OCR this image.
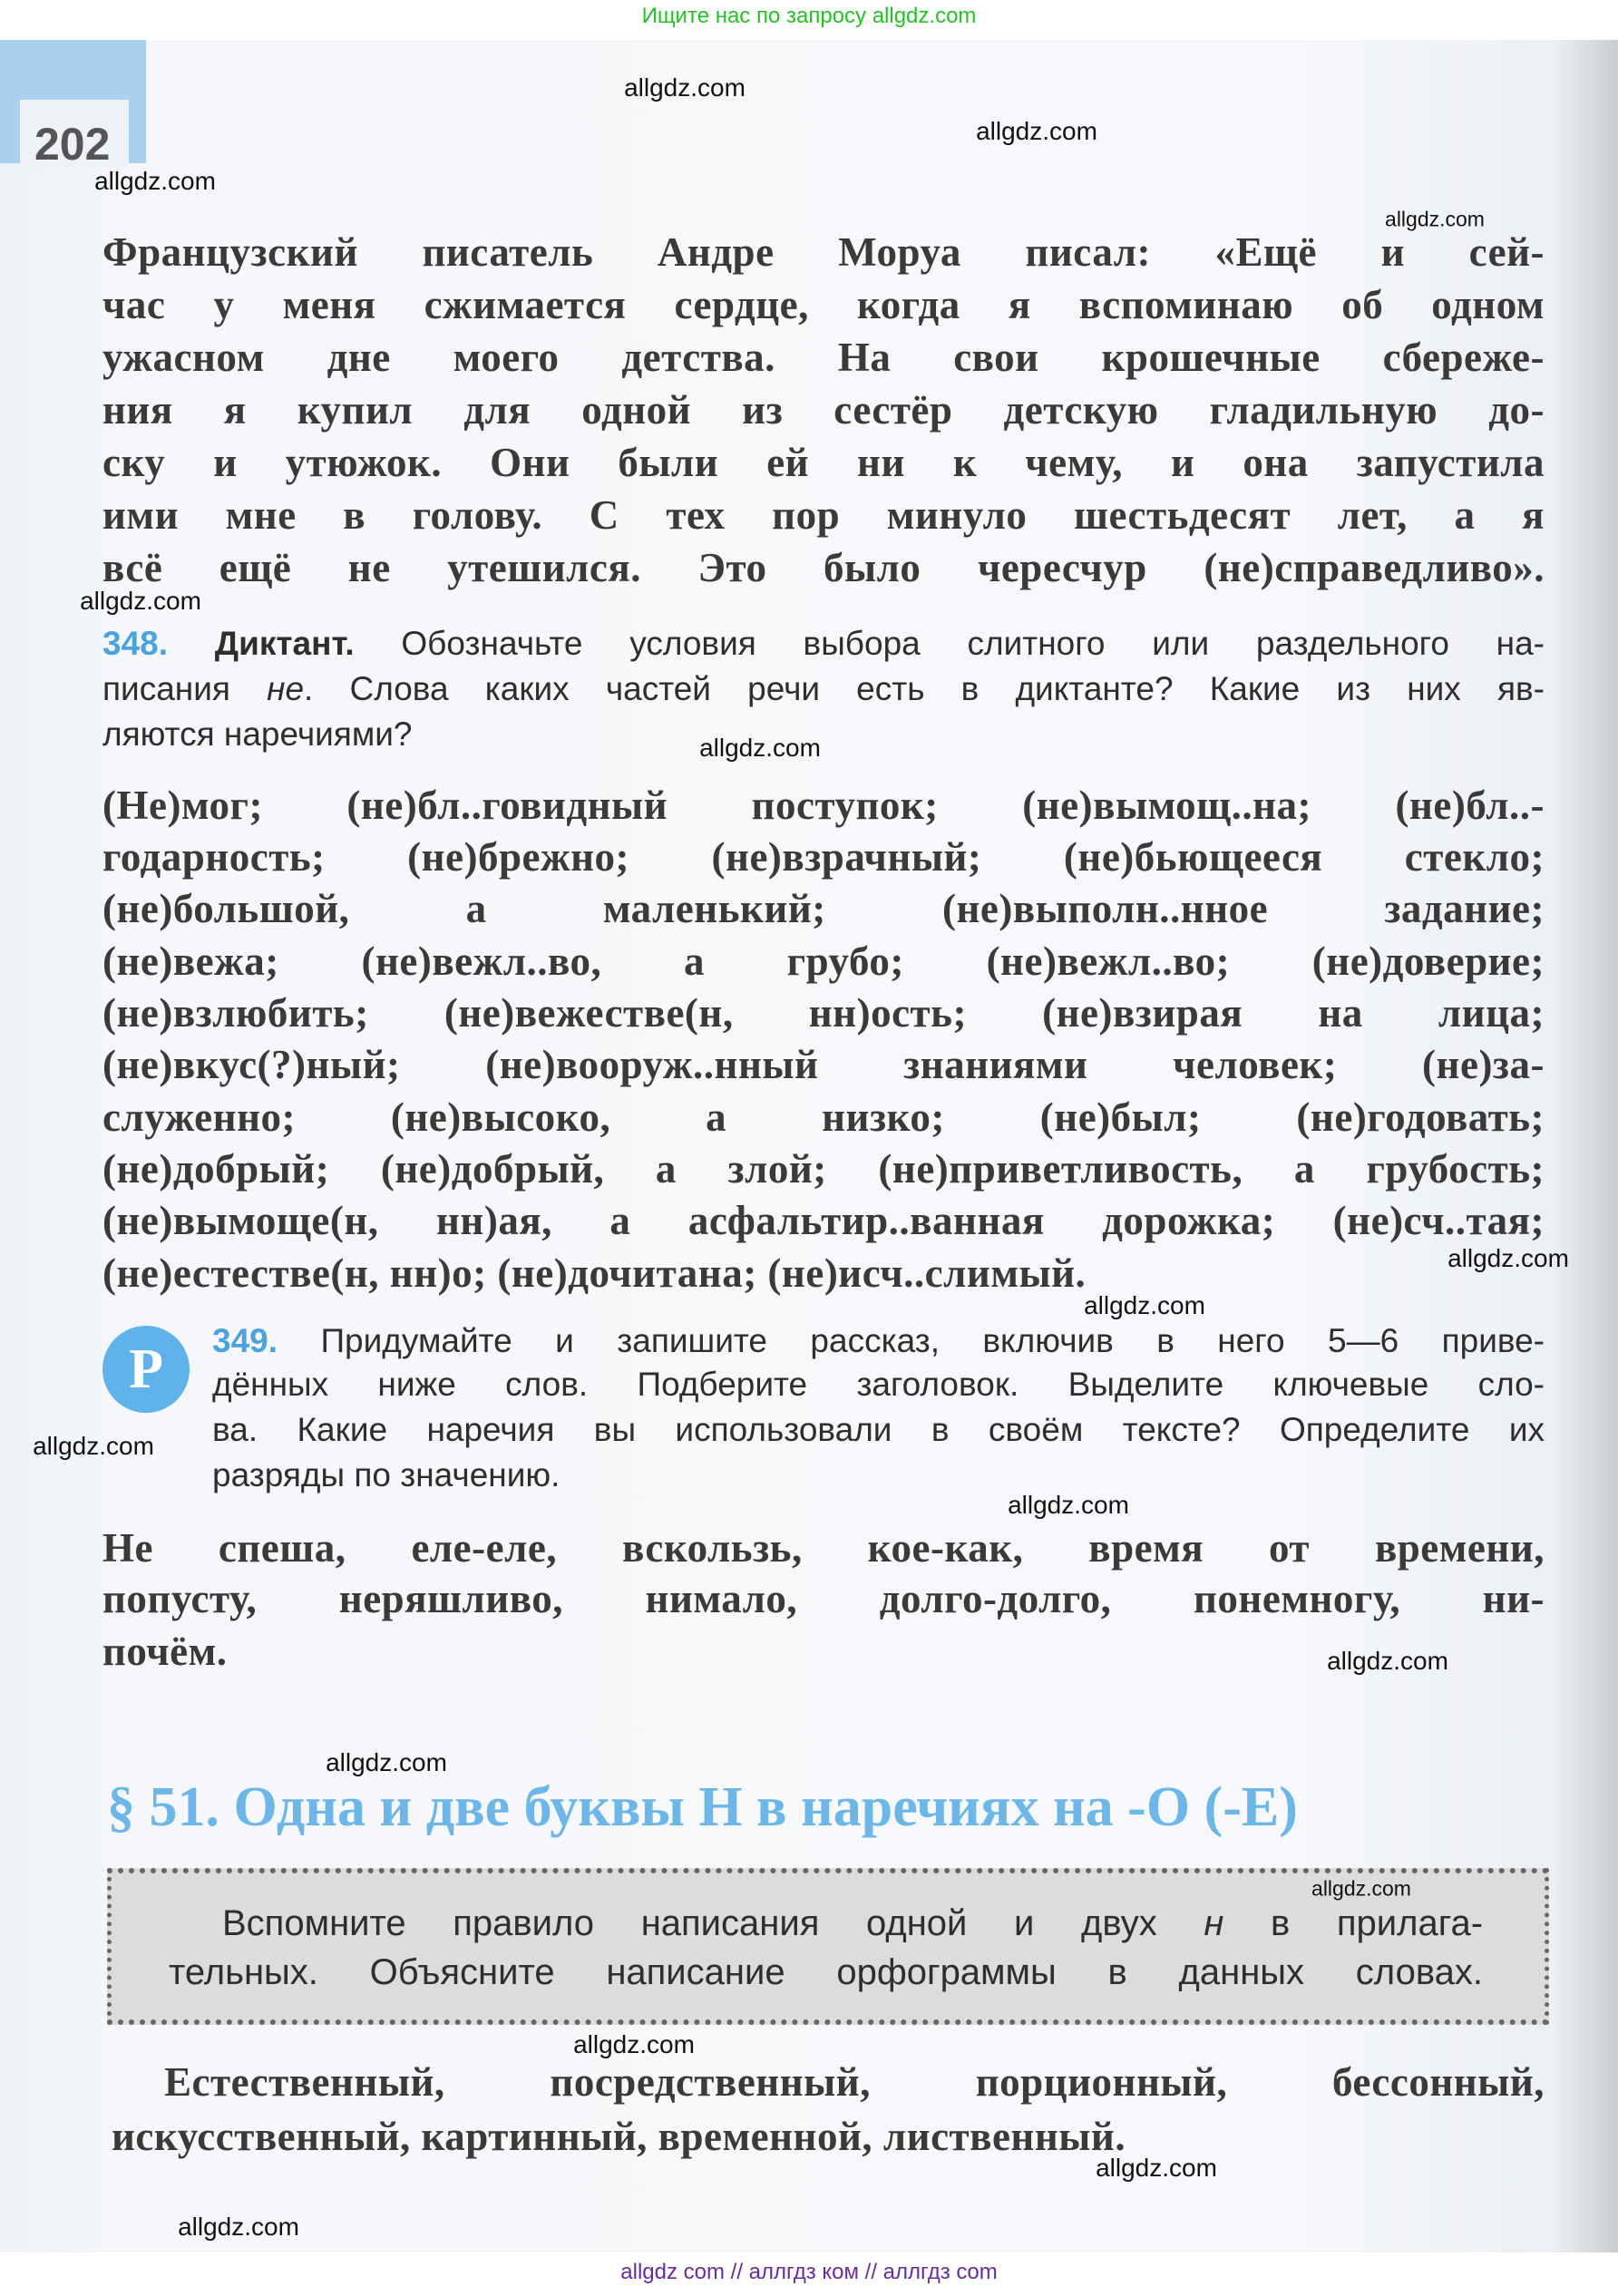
Ищите нас по запросу allgdz.com
202
Французский писатель Андре Моруа писал: «Ещё и сей-
час у меня сжимается сердце, когда я вспоминаю об одном
ужасном дне моего детства. На свои крошечные сбереже-
ния я купил для одной из сестёр детскую гладильную до-
ску и утюжок. Они были ей ни к чему, и она запустила
ими мне в голову. С тех пор минуло шестьдесят лет, а я
всё ещё не утешился. Это было чересчур (не)справедливо».
348. Диктант. Обозначьте условия выбора слитного или раздельного на-
писания не. Слова каких частей речи есть в диктанте? Какие из них яв-
ляются наречиями?
(Не)мог; (не)бл..говидный поступок; (не)вымощ..на; (не)бл..-
годарность; (не)брежно; (не)взрачный; (не)бьющееся стекло;
(не)большой, а маленький; (не)выполн..нное задание;
(не)вежа; (не)вежл..во, а грубо; (не)вежл..во; (не)доверие;
(не)взлюбить; (не)вежестве(н, нн)ость; (не)взирая на лица;
(не)вкус(?)ный; (не)вооруж..нный знаниями человек; (не)за-
служенно; (не)высоко, а низко; (не)был; (не)годовать;
(не)добрый; (не)добрый, а злой; (не)приветливость, а грубость;
(не)вымоще(н, нн)ая, а асфальтир..ванная дорожка; (не)сч..тая;
(не)естестве(н, нн)о; (не)дочитана; (не)исч..слимый.
Р	349. Придумайте и запишите рассказ, включив в него 5—6 приве-
дённых ниже слов. Подберите заголовок. Выделите ключевые сло-
ва. Какие наречия вы использовали в своём тексте? Определите их
разряды по значению.
Не спеша, еле-еле, вскользь, кое-как, время от времени,
попусту, неряшливо, нимало, долго-долго, понемногу, ни-
почём.
§ 51. Одна и две буквы Н в наречиях на -О (-Е)
Вспомните правило написания одной и двух н в прилага-
тельных. Объясните написание орфограммы в данных словах.
Естественный, посредственный, порционный, бессонный,
искусственный, картинный, временной, лиственный.
allgdz.com
allgdz.com
allgdz.com
allgdz.com
allgdz.com
allgdz.com
allgdz.com
allgdz.com
allgdz.com
allgdz.com
allgdz.com
allgdz.com
allgdz.com
allgdz.com
allgdz.com
allgdz.com
allgdz com // аллгдз ком // аллгдз com
